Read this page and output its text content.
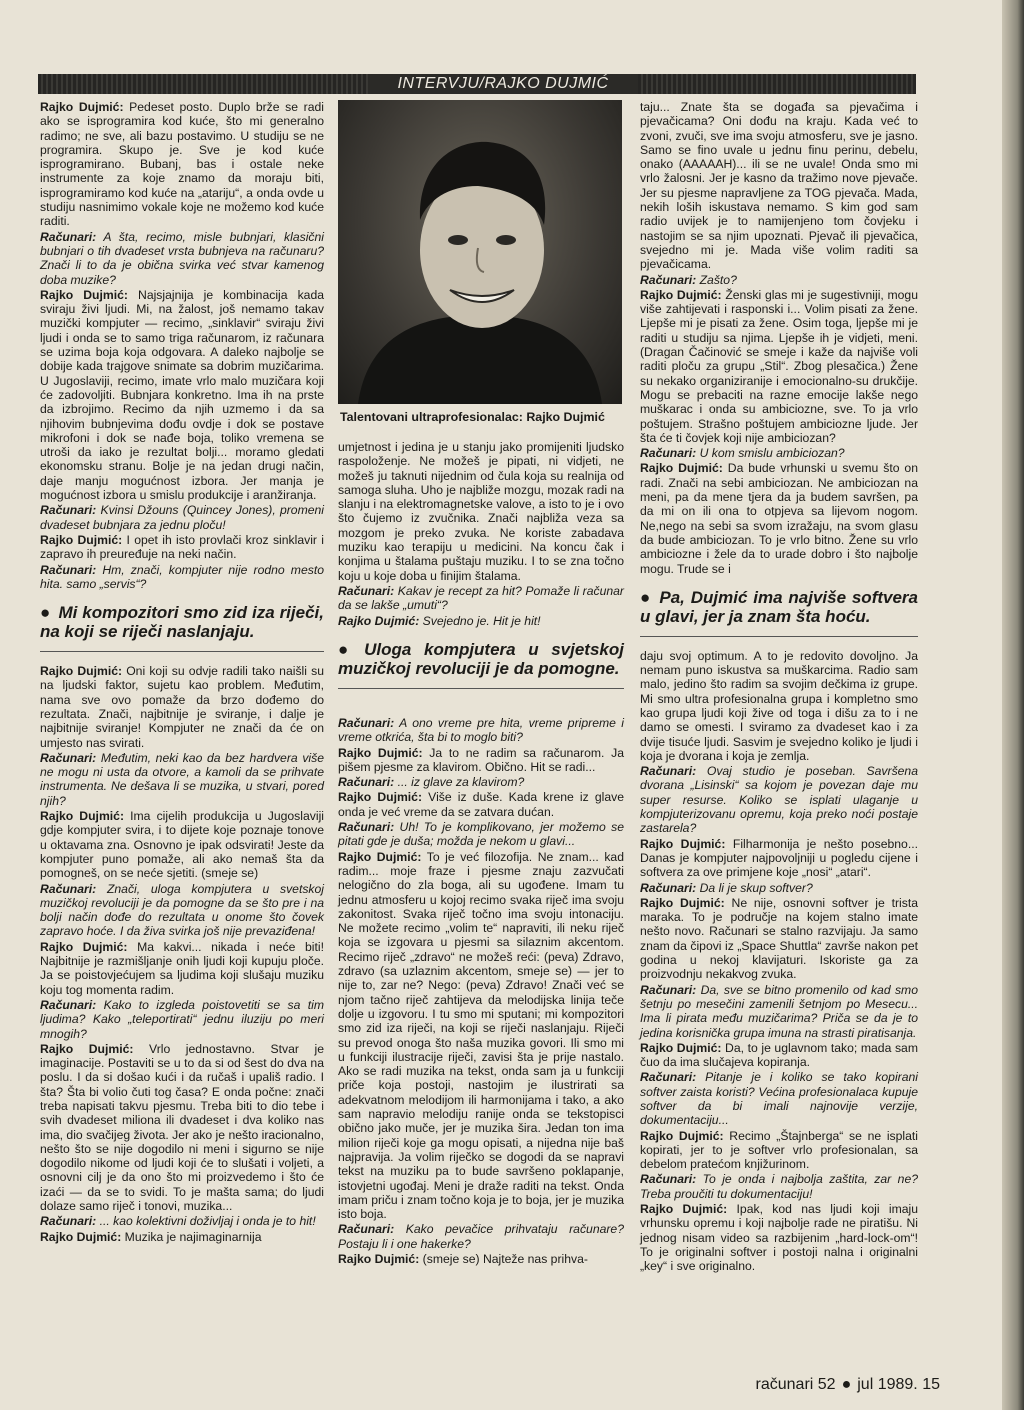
INTERVJU/RAJKO DUJMIĆ

Rajko Dujmić: Pedeset posto. Duplo brže se radi ako se isprogramira kod kuće, što mi generalno radimo; ne sve, ali bazu postavimo. U studiju se ne programira. Skupo je. Sve je kod kuće isprogramirano. Bubanj, bas i ostale neke instrumente za koje znamo da moraju biti, isprogramiramo kod kuće na „atariju“, a onda ovde u studiju nasnimimo vokale koje ne možemo kod kuće raditi.

Računari: A šta, recimo, misle bubnjari, klasični bubnjari o tih dvadeset vrsta bubnjeva na računaru? Znači li to da je obična svirka već stvar kamenog doba muzike?

Rajko Dujmić: Najsjajnija je kombinacija kada sviraju živi ljudi. Mi, na žalost, još nemamo takav muzički kompjuter — recimo, „sinklavir“ sviraju živi ljudi i onda se to samo triga računarom, iz računara se uzima boja koja odgovara. A daleko najbolje se dobije kada trajgove snimate sa dobrim muzičarima. U Jugoslaviji, recimo, imate vrlo malo muzičara koji će zadovoljiti. Bubnjara konkretno. Ima ih na prste da izbrojimo. Recimo da njih uzmemo i da sa njihovim bubnjevima dođu ovdje i dok se postave mikrofoni i dok se nađe boja, toliko vremena se utroši da iako je rezultat bolji... moramo gledati ekonomsku stranu. Bolje je na jedan drugi način, daje manju mogućnost izbora. Jer manja je mogućnost izbora u smislu produkcije i aranžiranja.

Računari: Kvinsi Džouns (Quincey Jones), promeni dvadeset bubnjara za jednu ploču!

Rajko Dujmić: I opet ih isto provlači kroz sinklavir i zapravo ih preuređuje na neki način.

Računari: Hm, znači, kompjuter nije rodno mesto hita. samo „servis“?

● Mi kompozitori smo zid iza riječi, na koji se riječi naslanjaju.

Rajko Dujmić: Oni koji su odvje radili tako naišli su na ljudski faktor, sujetu kao problem. Međutim, nama sve ovo pomaže da brzo dođemo do rezultata. Znači, najbitnije je sviranje, i dalje je najbitnije sviranje! Kompjuter ne znači da će on umjesto nas svirati.

Računari: Međutim, neki kao da bez hardvera više ne mogu ni usta da otvore, a kamoli da se prihvate instrumenta. Ne dešava li se muzika, u stvari, pored njih?

Rajko Dujmić: Ima cijelih produkcija u Jugoslaviji gdje kompjuter svira, i to dijete koje poznaje tonove u oktavama zna. Osnovno je ipak odsvirati! Jeste da kompjuter puno pomaže, ali ako nemaš šta da pomogneš, on se neće sjetiti. (smeje se)

Računari: Znači, uloga kompjutera u svetskoj muzičkoj revoluciji je da pomogne da se što pre i na bolji način dođe do rezultata u onome što čovek zapravo hoće. I da živa svirka još nije prevaziđena!

Rajko Dujmić: Ma kakvi... nikada i neće biti! Najbitnije je razmišljanje onih ljudi koji kupuju ploče. Ja se poistovjećujem sa ljudima koji slušaju muziku koju tog momenta radim.

Računari: Kako to izgleda poistovetiti se sa tim ljudima? Kako „teleportirati“ jednu iluziju po meri mnogih?

Rajko Dujmić: Vrlo jednostavno. Stvar je imaginacije. Postaviti se u to da si od šest do dva na poslu. I da si došao kući i da ručaš i upališ radio. I šta? Šta bi volio čuti tog časa? E onda počne: znači treba napisati takvu pjesmu. Treba biti to dio tebe i svih dvadeset miliona ili dvadeset i dva koliko nas ima, dio svačijeg života. Jer ako je nešto iracionalno, nešto što se nije dogodilo ni meni i sigurno se nije dogodilo nikome od ljudi koji će to slušati i voljeti, a osnovni cilj je da ono što mi proizvedemo i što će izaći — da se to svidi. To je mašta sama; do ljudi dolaze samo riječ i tonovi, muzika...

Računari: ... kao kolektivni doživljaj i onda je to hit!

Rajko Dujmić: Muzika je najimaginarnija

Talentovani ultraprofesionalac: Rajko Dujmić

umjetnost i jedina je u stanju jako promijeniti ljudsko raspoloženje. Ne možeš je pipati, ni vidjeti, ne možeš ju taknuti nijednim od čula koja su realnija od samoga sluha. Uho je najbliže mozgu, mozak radi na slanju i na elektromagnetske valove, a isto to je i ovo što čujemo iz zvučnika. Znači najbliža veza sa mozgom je preko zvuka. Ne koriste zabadava muziku kao terapiju u medicini. Na koncu čak i konjima u štalama puštaju muziku. I to se zna točno koju u koje doba u finijim štalama.

Računari: Kakav je recept za hit? Pomaže li računar da se lakše „umuti“?

Rajko Dujmić: Svejedno je. Hit je hit!

● Uloga kompjutera u svjetskoj muzičkoj revoluciji je da pomogne.

Računari: A ono vreme pre hita, vreme pripreme i vreme otkrića, šta bi to moglo biti?

Rajko Dujmić: Ja to ne radim sa računarom. Ja pišem pjesme za klavirom. Obično. Hit se radi...

Računari: ... iz glave za klavirom?

Rajko Dujmić: Više iz duše. Kada krene iz glave onda je već vreme da se zatvara dućan.

Računari: Uh! To je komplikovano, jer možemo se pitati gde je duša; možda je nekom u glavi...

Rajko Dujmić: To je već filozofija. Ne znam... kad radim... moje fraze i pjesme znaju zazvučati nelogično do zla boga, ali su ugođene. Imam tu jednu atmosferu u kojoj recimo svaka riječ ima svoju zakonitost. Svaka riječ točno ima svoju intonaciju. Ne možete recimo „volim te“ napraviti, ili neku riječ koja se izgovara u pjesmi sa silaznim akcentom. Recimo riječ „zdravo“ ne možeš reći: (peva) Zdravo, zdravo (sa uzlaznim akcentom, smeje se) — jer to nije to, zar ne? Nego: (peva) Zdravo! Znači već se njom tačno riječ zahtijeva da melodijska linija teče dolje u izgovoru. I tu smo mi sputani; mi kompozitori smo zid iza riječi, na koji se riječi naslanjaju. Riječi su prevod onoga što naša muzika govori. Ili smo mi u funkciji ilustracije riječi, zavisi šta je prije nastalo. Ako se radi muzika na tekst, onda sam ja u funkciji priče koja postoji, nastojim je ilustrirati sa adekvatnom melodijom ili harmonijama i tako, a ako sam napravio melodiju ranije onda se tekstopisci obično jako muče, jer je muzika šira. Jedan ton ima milion riječi koje ga mogu opisati, a nijedna nije baš najpravija. Ja volim riječko se dogodi da se napravi tekst na muziku pa to bude savršeno poklapanje, istovjetni ugođaj. Meni je draže raditi na tekst. Onda imam priču i znam točno koja je to boja, jer je muzika isto boja.

Računari: Kako pevačice prihvataju računare? Postaju li i one hakerke?

Rajko Dujmić: (smeje se) Najteže nas prihva-

taju... Znate šta se događa sa pjevačima i pjevačicama? Oni dođu na kraju. Kada već to zvoni, zvuči, sve ima svoju atmosferu, sve je jasno. Samo se fino uvale u jednu finu perinu, debelu, onako (AAAAAH)... ili se ne uvale! Onda smo mi vrlo žalosni. Jer je kasno da tražimo nove pjevače. Jer su pjesme napravljene za TOG pjevača. Mada, nekih loših iskustava nemamo. S kim god sam radio uvijek je to namijenjeno tom čovjeku i nastojim se sa njim upoznati. Pjevač ili pjevačica, svejedno mi je. Mada više volim raditi sa pjevačicama.

Računari: Zašto?

Rajko Dujmić: Ženski glas mi je sugestivniji, mogu više zahtijevati i rasponski i... Volim pisati za žene. Ljepše mi je pisati za žene. Osim toga, ljepše mi je raditi u studiju sa njima. Ljepše ih je vidjeti, meni. (Dragan Čačinović se smeje i kaže da najviše voli raditi ploču za grupu „Stil“. Zbog plesačica.) Žene su nekako organiziranije i emocionalno-su drukčije. Mogu se prebaciti na razne emocije lakše nego muškarac i onda su ambiciozne, sve. To ja vrlo poštujem. Strašno poštujem ambiciozne ljude. Jer šta će ti čovjek koji nije ambiciozan?

Računari: U kom smislu ambiciozan?

Rajko Dujmić: Da bude vrhunski u svemu što on radi. Znači na sebi ambiciozan. Ne ambiciozan na meni, pa da mene tjera da ja budem savršen, pa da mi on ili ona to otpjeva sa lijevom nogom. Ne,nego na sebi sa svom izražaju, na svom glasu da bude ambiciozan. To je vrlo bitno. Žene su vrlo ambiciozne i žele da to urade dobro i što najbolje mogu. Trude se i

● Pa, Dujmić ima najviše softvera u glavi, jer ja znam šta hoću.

daju svoj optimum. A to je redovito dovoljno. Ja nemam puno iskustva sa muškarcima. Radio sam malo, jedino što radim sa svojim dečkima iz grupe. Mi smo ultra profesionalna grupa i kompletno smo kao grupa ljudi koji žive od toga i dišu za to i ne damo se omesti. I sviramo za dvadeset kao i za dvije tisuće ljudi. Sasvim je svejedno koliko je ljudi i koja je dvorana i koja je zemlja.

Računari: Ovaj studio je poseban. Savršena dvorana „Lisinski“ sa kojom je povezan daje mu super resurse. Koliko se isplati ulaganje u kompjuterizovanu opremu, koja preko noći postaje zastarela?

Rajko Dujmić: Filharmonija je nešto posebno... Danas je kompjuter najpovoljniji u pogledu cijene i softvera za ove primjene koje „nosi“ „atari“.

Računari: Da li je skup softver?

Rajko Dujmić: Ne nije, osnovni softver je trista maraka. To je područje na kojem stalno imate nešto novo. Računari se stalno razvijaju. Ja samo znam da čipovi iz „Space Shuttla“ završe nakon pet godina u nekoj klavijaturi. Iskoriste ga za proizvodnju nekakvog zvuka.

Računari: Da, sve se bitno promenilo od kad smo šetnju po mesečini zamenili šetnjom po Mesecu... Ima li pirata među muzičarima? Priča se da je to jedina korisnička grupa imuna na strasti piratisanja.

Rajko Dujmić: Da, to je uglavnom tako; mada sam čuo da ima slučajeva kopiranja.

Računari: Pitanje je i koliko se tako kopirani softver zaista koristi? Većina profesionalaca kupuje softver da bi imali najnovije verzije, dokumentaciju...

Rajko Dujmić: Recimo „Štajnberga“ se ne isplati kopirati, jer to je softver vrlo profesionalan, sa debelom pratećom knjižurinom.

Računari: To je onda i najbolja zaštita, zar ne? Treba proučiti tu dokumentaciju!

Rajko Dujmić: Ipak, kod nas ljudi koji imaju vrhunsku opremu i koji najbolje rade ne piratišu. Ni jednog nisam video sa razbijenim „hard-lock-om“! To je originalni softver i postoji nalna i originalni „key“ i sve originalno.

računari 52 ● jul 1989. 15
